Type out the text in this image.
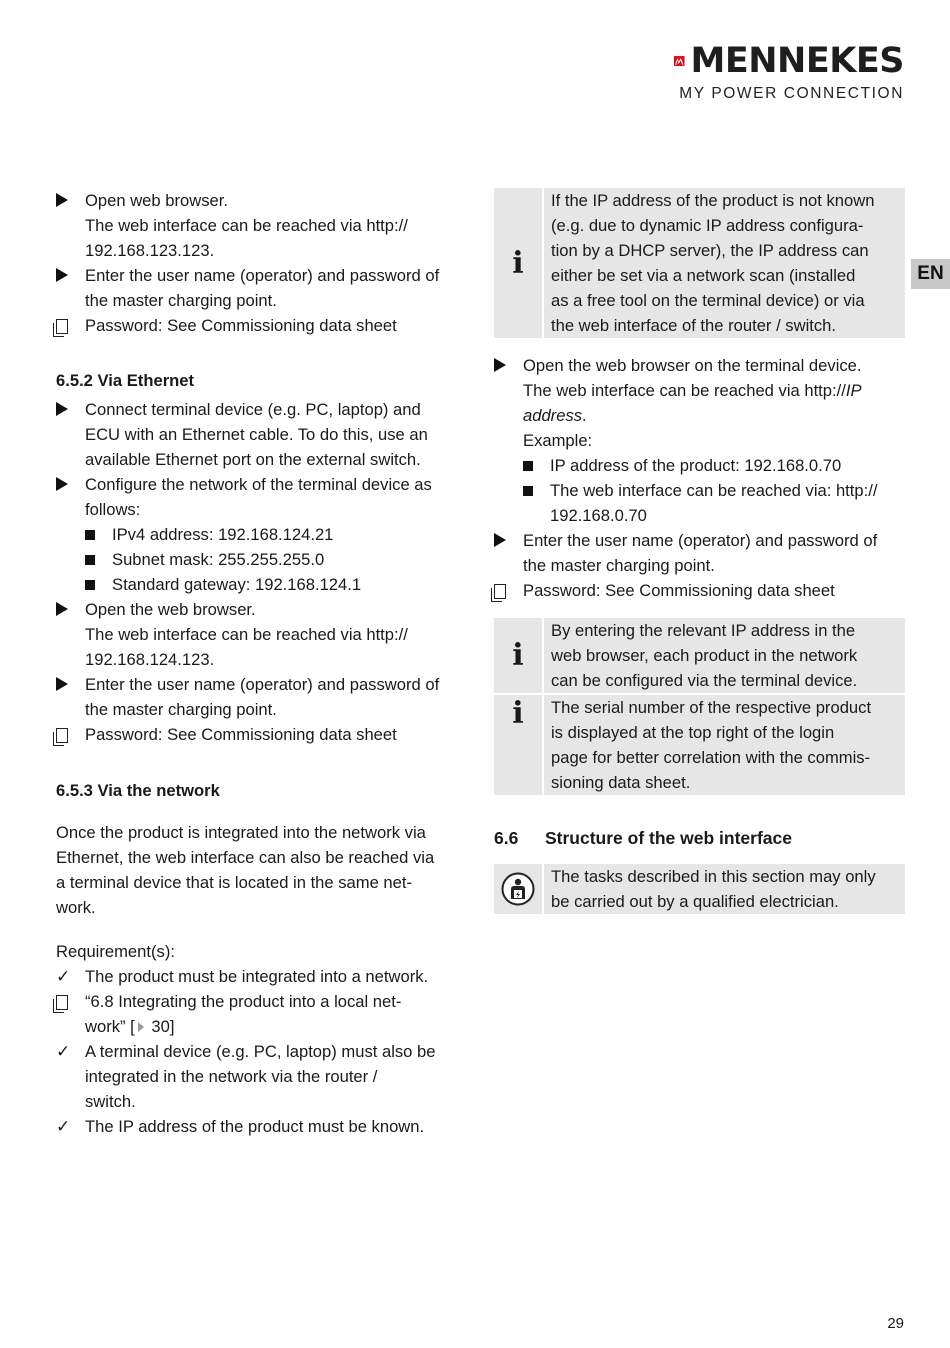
MENNEKES
MY POWER CONNECTION
EN
Open web browser.
The web interface can be reached via http://
192.168.123.123.
Enter the user name (operator) and password of
the master charging point.
Password: See Commissioning data sheet
6.5.2 Via Ethernet
Connect terminal device (e.g. PC, laptop) and
ECU with an Ethernet cable. To do this, use an
available Ethernet port on the external switch.
Configure the network of the terminal device as
follows:
IPv4 address: 192.168.124.21
Subnet mask: 255.255.255.0
Standard gateway: 192.168.124.1
Open the web browser.
The web interface can be reached via http://
192.168.124.123.
Enter the user name (operator) and password of
the master charging point.
Password: See Commissioning data sheet
6.5.3 Via the network
Once the product is integrated into the network via
Ethernet, the web interface can also be reached via
a terminal device that is located in the same net-
work.
Requirement(s):
✓ The product must be integrated into a network.
“6.8 Integrating the product into a local net-
work” [ 30]
✓ A terminal device (e.g. PC, laptop) must also be
integrated in the network via the router /
switch.
✓ The IP address of the product must be known.
i
If the IP address of the product is not known
(e.g. due to dynamic IP address configura-
tion by a DHCP server), the IP address can
either be set via a network scan (installed
as a free tool on the terminal device) or via
the web interface of the router / switch.
Open the web browser on the terminal device.
The web interface can be reached via http://IP
address.
Example:
IP address of the product: 192.168.0.70
The web interface can be reached via: http://
192.168.0.70
Enter the user name (operator) and password of
the master charging point.
Password: See Commissioning data sheet
i
By entering the relevant IP address in the
web browser, each product in the network
can be configured via the terminal device.
i The serial number of the respective product
is displayed at the top right of the login
page for better correlation with the commis-
sioning data sheet.
6.6	Structure of the web interface
The tasks described in this section may only
be carried out by a qualified electrician.
29
